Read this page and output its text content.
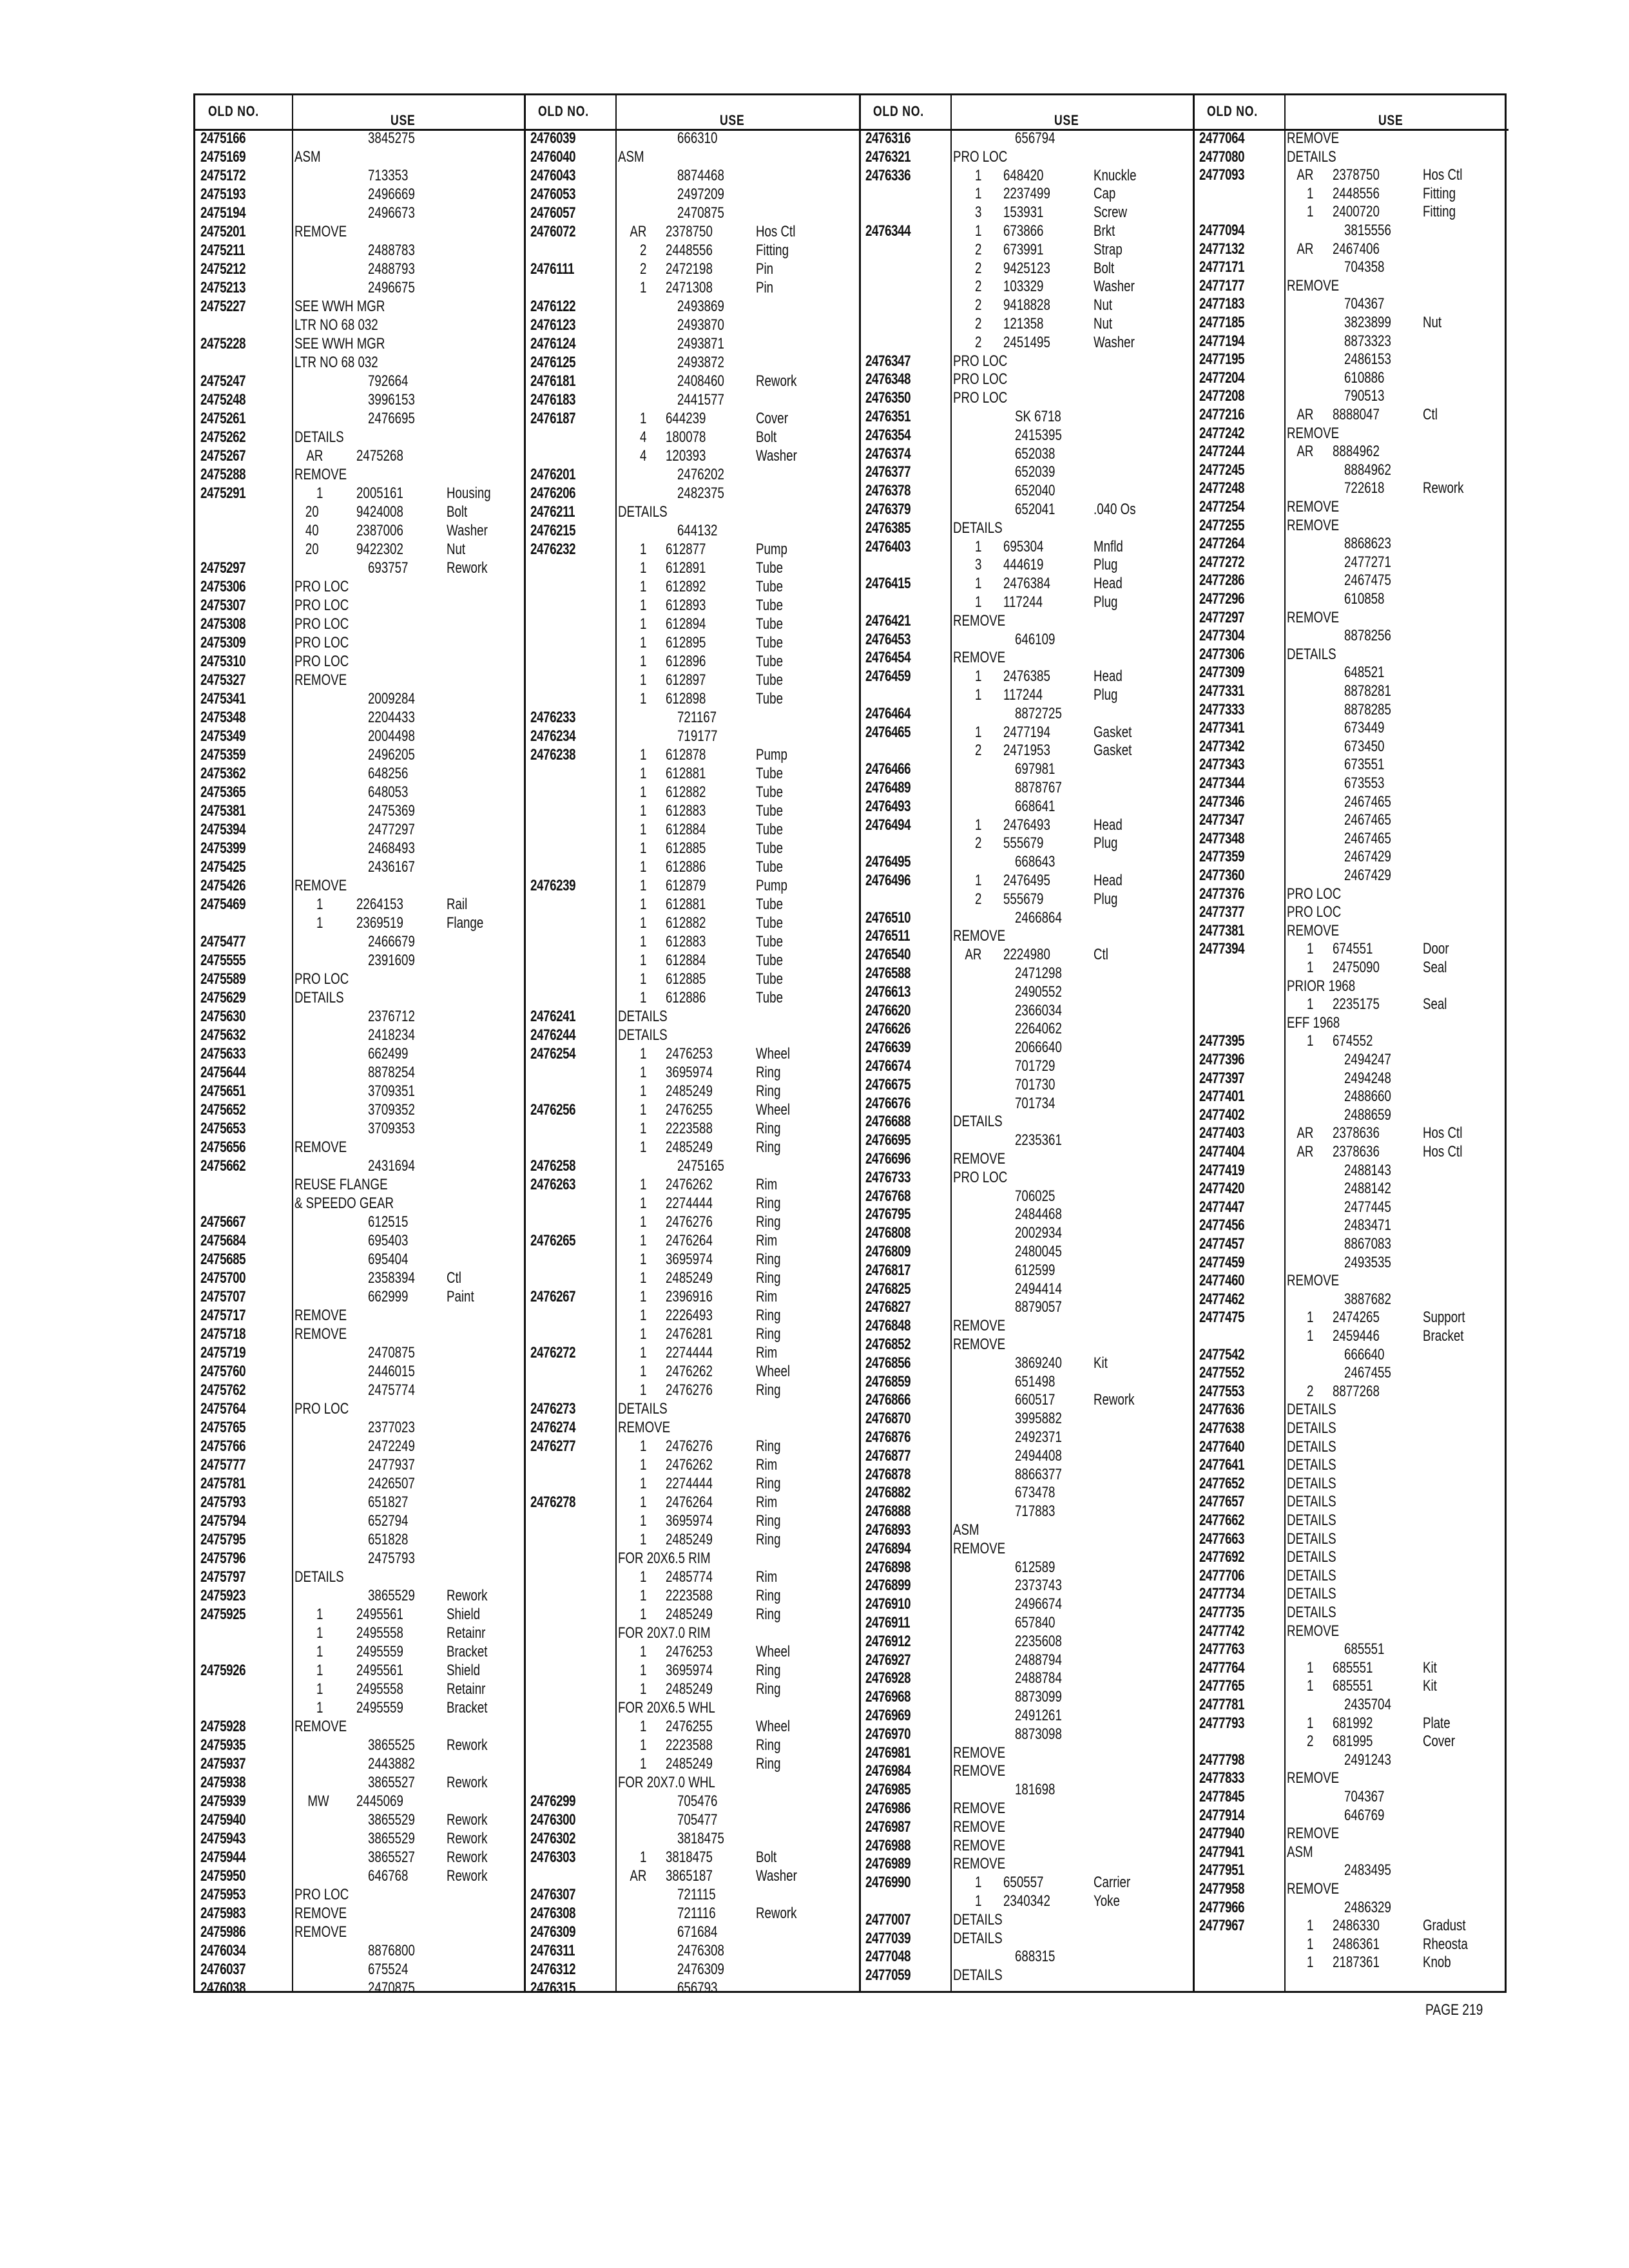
OLD NO.
USE
2475166	3845275
2475169	ASM
2475172	713353
2475193	2496669
2475194	2496673
2475201	REMOVE
2475211	2488783
2475212	2488793
2475213	2496675
2475227	SEE WWH MGR
LTR NO 68 032
2475228	SEE WWH MGR
LTR NO 68 032
2475247	792664
2475248	3996153
2475261	2476695
2475262	DETAILS
2475267	AR 2475268
2475288	REMOVE
2475291	1 2005161	Housing
20 9424008	Bolt
40 2387006	Washer
20 9422302	Nut
2475297	693757 Rework
2475306	PRO LOC
2475307	PRO LOC
2475308	PRO LOC
2475309	PRO LOC
2475310	PRO LOC
2475327	REMOVE
2475341	2009284
2475348	2204433
2475349	2004498
2475359	2496205
2475362	648256
2475365	648053
2475381	2475369
2475394	2477297
2475399	2468493
2475425	2436167
2475426	REMOVE
2475469	1 2264153	Rail
1 2369519	Flange
2475477	2466679
2475555	2391609
2475589	PRO LOC
2475629	DETAILS
2475630	2376712
2475632	2418234
2475633	662499
2475644	8878254
2475651	3709351
2475652	3709352
2475653	3709353
2475656	REMOVE
2475662	2431694
REUSE FLANGE
& SPEEDO GEAR
2475667	612515
2475684	695403
2475685	695404
2475700	2358394 Ctl
2475707	662999 Paint
2475717	REMOVE
2475718	REMOVE
2475719	2470875
2475760	2446015
2475762	2475774
2475764	PRO LOC
2475765	2377023
2475766	2472249
2475777	2477937
2475781	2426507
2475793	651827
2475794	652794
2475795	651828
2475796	2475793
2475797	DETAILS
2475923	3865529 Rework
2475925	1 2495561	Shield
1 2495558	Retainr
1 2495559	Bracket
2475926	1 2495561	Shield
1 2495558	Retainr
1 2495559	Bracket
2475928	REMOVE
2475935	3865525 Rework
2475937	2443882
2475938	3865527 Rework
2475939	MW 2445069
2475940	3865529 Rework
2475943	3865529 Rework
2475944	3865527 Rework
2475950	646768 Rework
2475953	PRO LOC
2475983	REMOVE
2475986	REMOVE
2476034	8876800
2476037	675524
2476038	2470875
OLD NO.
USE
2476039	666310
2476040	ASM
2476043	8874468
2476053	2497209
2476057	2470875
2476072	AR 2378750	Hos Ctl
2 2448556	Fitting
2476111	2 2472198	Pin
1 2471308	Pin
2476122	2493869
2476123	2493870
2476124	2493871
2476125	2493872
2476181	2408460 Rework
2476183	2441577
2476187	1 644239	Cover
4 180078	Bolt
4 120393	Washer
2476201	2476202
2476206	2482375
2476211	DETAILS
2476215	644132
2476232	1 612877	Pump
1 612891	Tube
1 612892	Tube
1 612893	Tube
1 612894	Tube
1 612895	Tube
1 612896	Tube
1 612897	Tube
1 612898	Tube
2476233	721167
2476234	719177
2476238	1 612878	Pump
1 612881	Tube
1 612882	Tube
1 612883	Tube
1 612884	Tube
1 612885	Tube
1 612886	Tube
2476239	1 612879	Pump
1 612881	Tube
1 612882	Tube
1 612883	Tube
1 612884	Tube
1 612885	Tube
1 612886	Tube
2476241	DETAILS
2476244	DETAILS
2476254	1 2476253	Wheel
1 3695974	Ring
1 2485249	Ring
2476256	1 2476255	Wheel
1 2223588	Ring
1 2485249	Ring
2476258	2475165
2476263	1 2476262	Rim
1 2274444	Ring
1 2476276	Ring
2476265	1 2476264	Rim
1 3695974	Ring
1 2485249	Ring
2476267	1 2396916	Rim
1 2226493	Ring
1 2476281	Ring
2476272	1 2274444	Rim
1 2476262	Wheel
1 2476276	Ring
2476273	DETAILS
2476274	REMOVE
2476277	1 2476276	Ring
1 2476262	Rim
1 2274444	Ring
2476278	1 2476264	Rim
1 3695974	Ring
1 2485249	Ring
FOR 20X6.5 RIM
1 2485774	Rim
1 2223588	Ring
1 2485249	Ring
FOR 20X7.0 RIM
1 2476253	Wheel
1 3695974	Ring
1 2485249	Ring
FOR 20X6.5 WHL
1 2476255	Wheel
1 2223588	Ring
1 2485249	Ring
FOR 20X7.0 WHL
2476299	705476
2476300	705477
2476302	3818475
2476303	1 3818475	Bolt
AR 3865187	Washer
2476307	721115
2476308	721116	Rework
2476309	671684
2476311	2476308
2476312	2476309
2476315	656793
OLD NO.
USE
2476316	656794
2476321	PRO LOC
2476336	1 648420	Knuckle
1 2237499	Cap
3 153931	Screw
2476344	1 673866	Brkt
2 673991	Strap
2 9425123	Bolt
2 103329	Washer
2 9418828	Nut
2 121358	Nut
2 2451495	Washer
2476347	PRO LOC
2476348	PRO LOC
2476350	PRO LOC
2476351	SK 6718
2476354	2415395
2476374	652038
2476377	652039
2476378	652040
2476379	652041 .040 Os
2476385	DETAILS
2476403	1 695304	Mnfld
3 444619	Plug
2476415	1 2476384	Head
1 117244	Plug
2476421	REMOVE
2476453	646109
2476454	REMOVE
2476459	1 2476385	Head
1 117244	Plug
2476464	8872725
2476465	1 2477194	Gasket
2 2471953	Gasket
2476466	697981
2476489	8878767
2476493	668641
2476494	1 2476493	Head
2 555679	Plug
2476495	668643
2476496	1 2476495	Head
2 555679	Plug
2476510	2466864
2476511	REMOVE
2476540	AR 2224980	Ctl
2476588	2471298
2476613	2490552
2476620	2366034
2476626	2264062
2476639	2066640
2476674	701729
2476675	701730
2476676	701734
2476688	DETAILS
2476695	2235361
2476696	REMOVE
2476733	PRO LOC
2476768	706025
2476795	2484468
2476808	2002934
2476809	2480045
2476817	612599
2476825	2494414
2476827	8879057
2476848	REMOVE
2476852	REMOVE
2476856	3869240 Kit
2476859	651498
2476866	660517 Rework
2476870	3995882
2476876	2492371
2476877	2494408
2476878	8866377
2476882	673478
2476888	717883
2476893	ASM
2476894	REMOVE
2476898	612589
2476899	2373743
2476910	2496674
2476911	657840
2476912	2235608
2476927	2488794
2476928	2488784
2476968	8873099
2476969	2491261
2476970	8873098
2476981	REMOVE
2476984	REMOVE
2476985	181698
2476986	REMOVE
2476987	REMOVE
2476988	REMOVE
2476989	REMOVE
2476990	1 650557	Carrier
1 2340342	Yoke
2477007	DETAILS
2477039	DETAILS
2477048	688315
2477059	DETAILS
OLD NO.
USE
2477064	REMOVE
2477080	DETAILS
2477093	AR 2378750	Hos Ctl
1 2448556	Fitting
1 2400720	Fitting
2477094	3815556
2477132	AR 2467406
2477171	704358
2477177	REMOVE
2477183	704367
2477185	3823899 Nut
2477194	8873323
2477195	2486153
2477204	610886
2477208	790513
2477216	AR 8888047	Ctl
2477242	REMOVE
2477244	AR 8884962
2477245	8884962
2477248	722618 Rework
2477254	REMOVE
2477255	REMOVE
2477264	8868623
2477272	2477271
2477286	2467475
2477296	610858
2477297	REMOVE
2477304	8878256
2477306	DETAILS
2477309	648521
2477331	8878281
2477333	8878285
2477341	673449
2477342	673450
2477343	673551
2477344	673553
2477346	2467465
2477347	2467465
2477348	2467465
2477359	2467429
2477360	2467429
2477376	PRO LOC
2477377	PRO LOC
2477381	REMOVE
2477394	1 674551	Door
1 2475090	Seal
PRIOR 1968
1 2235175	Seal
EFF 1968
2477395	1 674552
2477396	2494247
2477397	2494248
2477401	2488660
2477402	2488659
2477403	AR 2378636	Hos Ctl
2477404	AR 2378636	Hos Ctl
2477419	2488143
2477420	2488142
2477447	2477445
2477456	2483471
2477457	8867083
2477459	2493535
2477460	REMOVE
2477462	3887682
2477475	1 2474265	Support
1 2459446	Bracket
2477542	666640
2477552	2467455
2477553	2 8877268
2477636	DETAILS
2477638	DETAILS
2477640	DETAILS
2477641	DETAILS
2477652	DETAILS
2477657	DETAILS
2477662	DETAILS
2477663	DETAILS
2477692	DETAILS
2477706	DETAILS
2477734	DETAILS
2477735	DETAILS
2477742	REMOVE
2477763	685551
2477764	1 685551	Kit
2477765	1 685551	Kit
2477781	2435704
2477793	1 681992	Plate
2 681995	Cover
2477798	2491243
2477833	REMOVE
2477845	704367
2477914	646769
2477940	REMOVE
2477941	ASM
2477951	2483495
2477958	REMOVE
2477966	2486329
2477967	1 2486330	Gradust
1 2486361	Rheosta
1 2187361	Knob
PAGE 219
